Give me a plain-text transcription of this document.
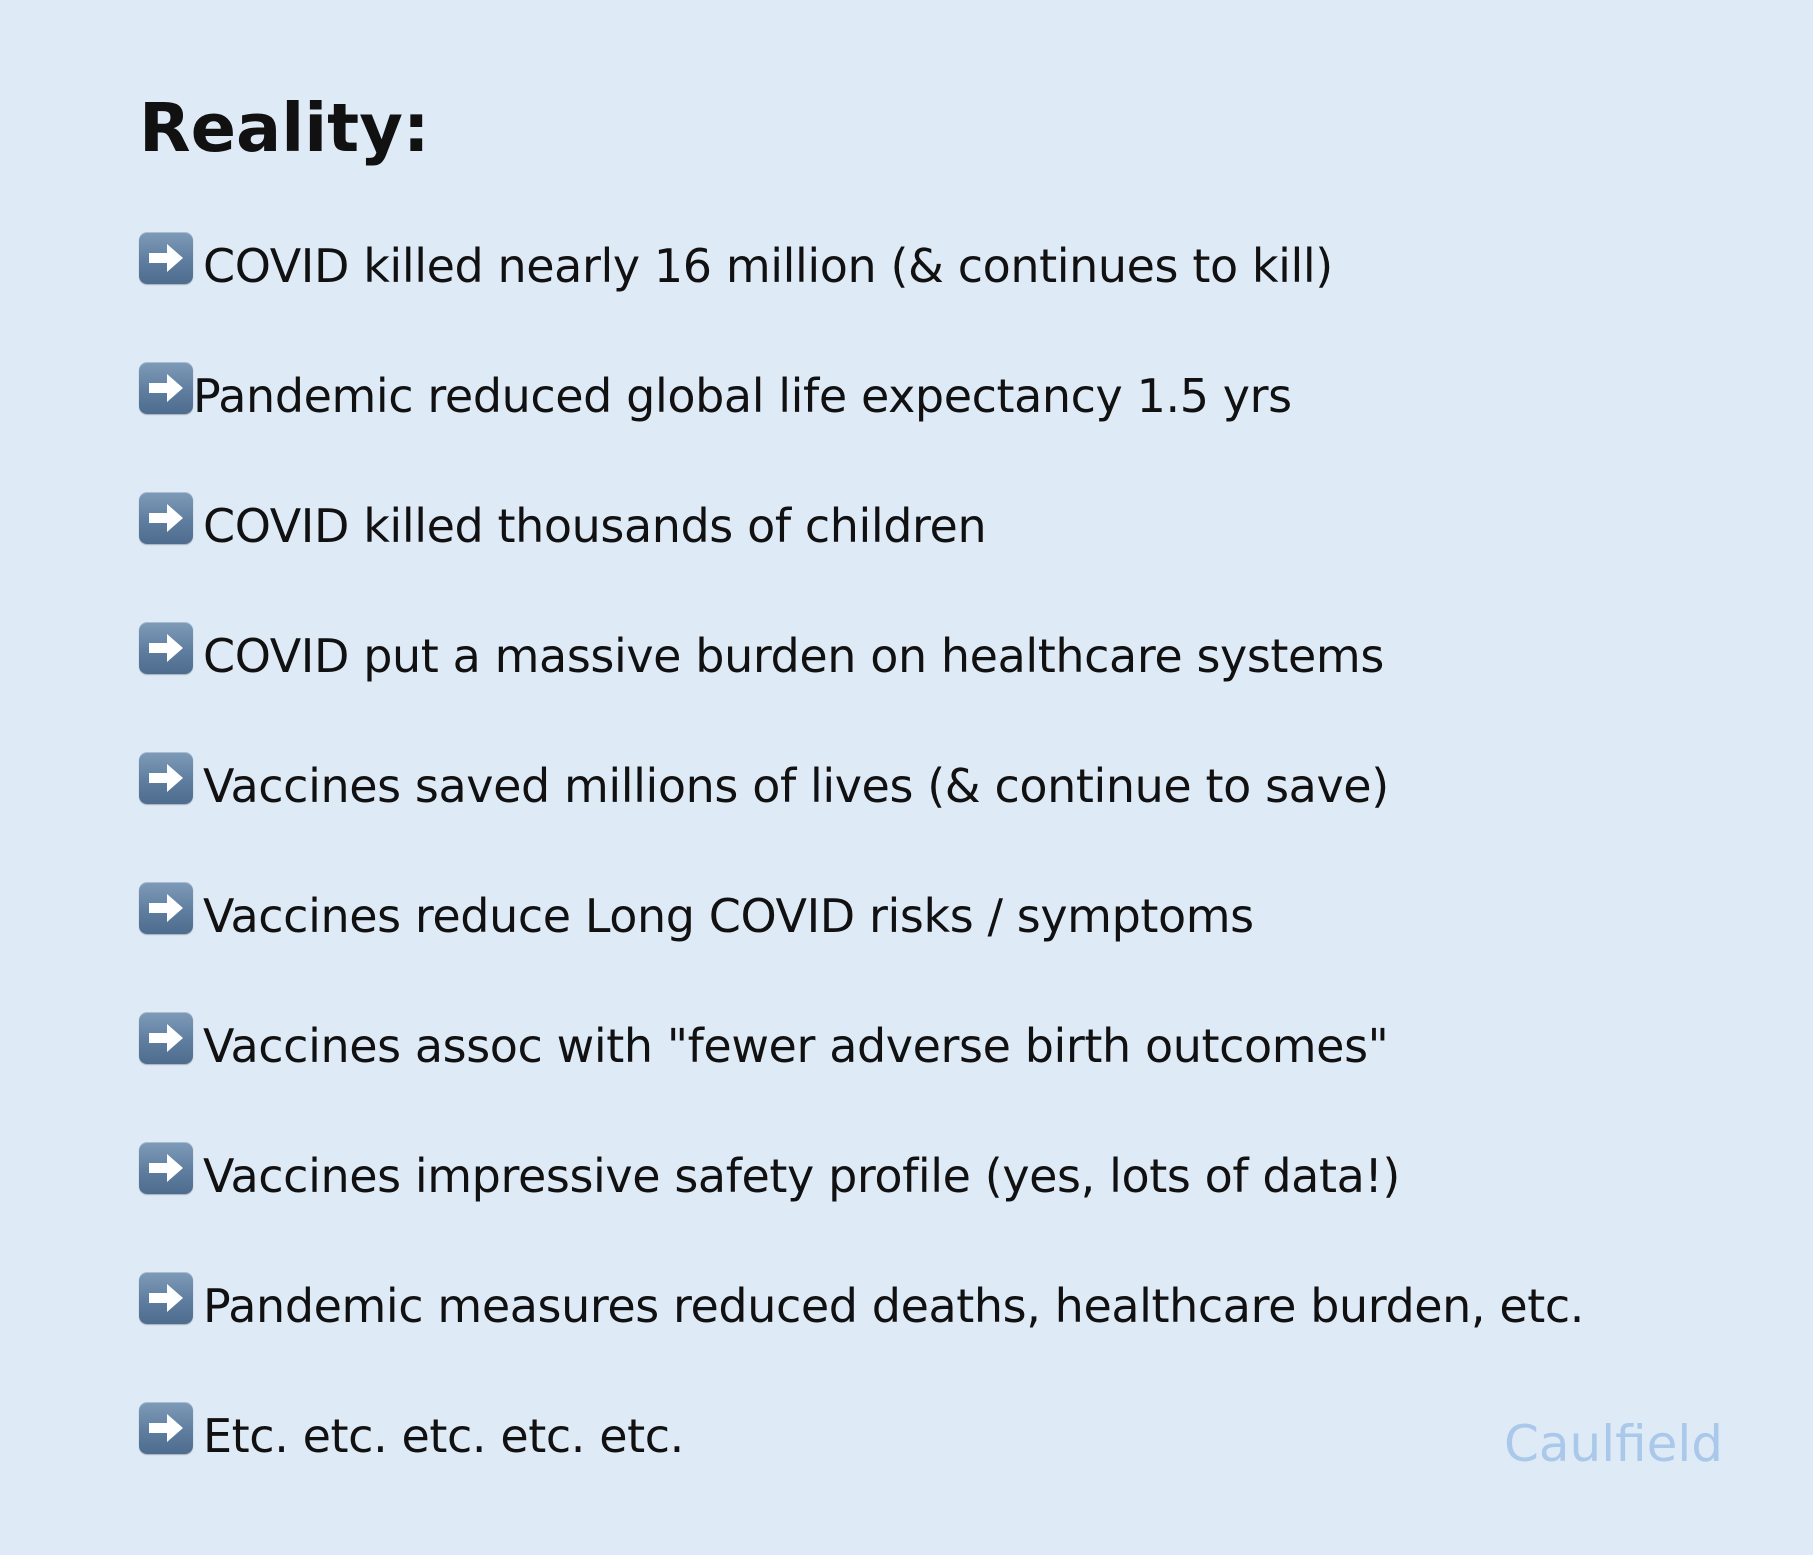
Reality:
COVID killed nearly 16 million (& continues to kill)
Pandemic reduced global life expectancy 1.5 yrs
COVID killed thousands of children
COVID put a massive burden on healthcare systems
Vaccines saved millions of lives (& continue to save)
Vaccines reduce Long COVID risks / symptoms
Vaccines assoc with "fewer adverse birth outcomes"
Vaccines impressive safety profile (yes, lots of data!)
Pandemic measures reduced deaths, healthcare burden, etc.
Etc. etc. etc. etc. etc.	Caulfield
